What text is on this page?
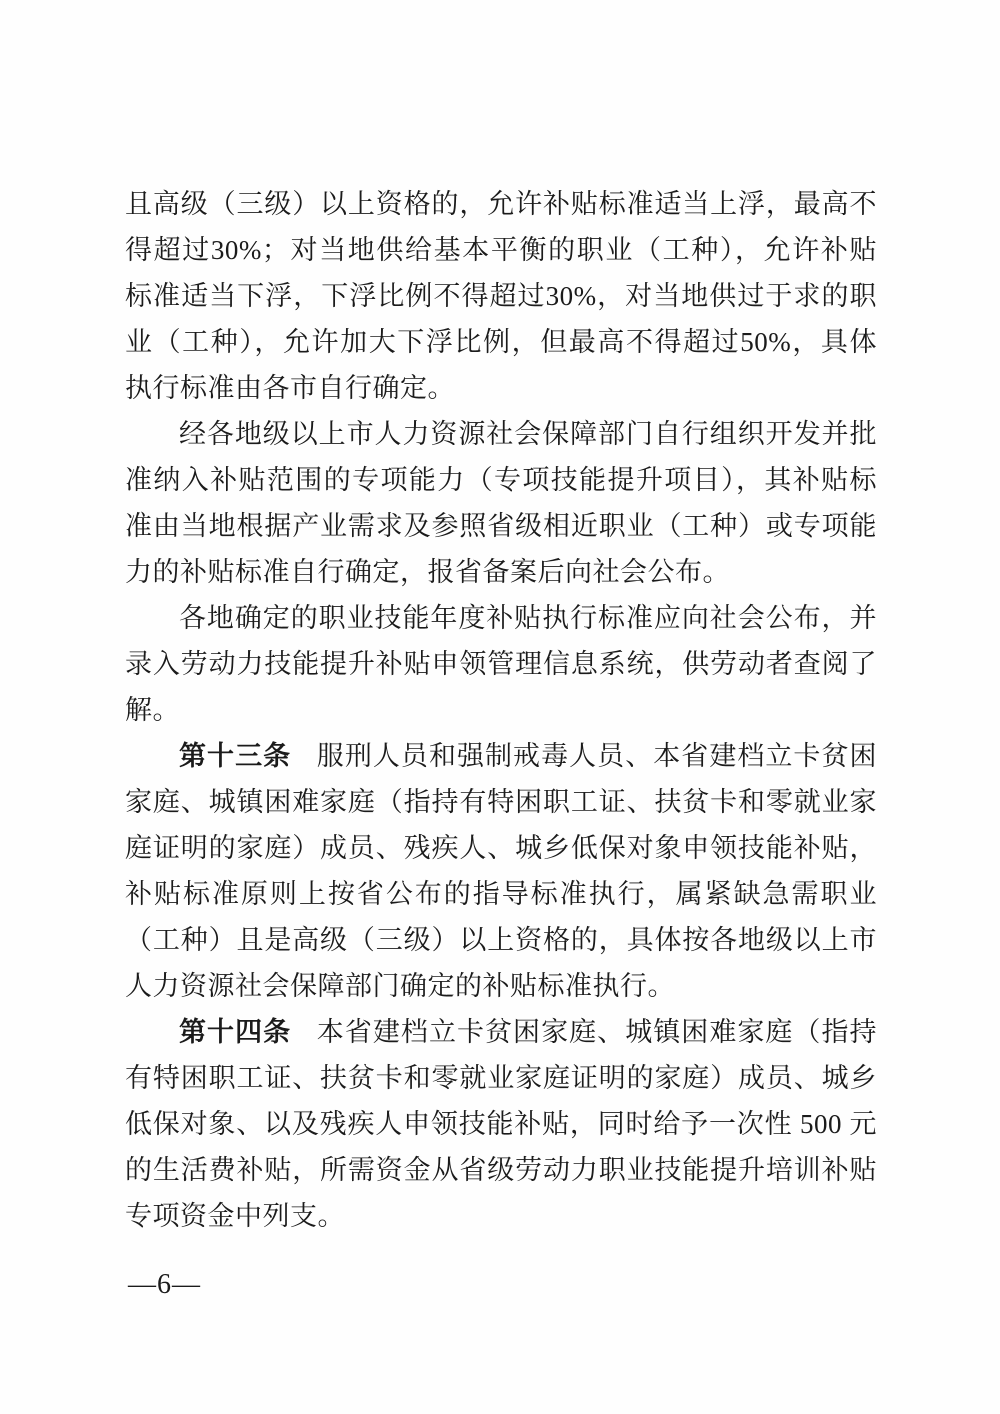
且高级（三级）以上资格的，允许补贴标准适当上浮，最高不得超过30%；对当地供给基本平衡的职业（工种），允许补贴标准适当下浮，下浮比例不得超过30%，对当地供过于求的职业（工种），允许加大下浮比例，但最高不得超过50%，具体执行标准由各市自行确定。

经各地级以上市人力资源社会保障部门自行组织开发并批准纳入补贴范围的专项能力（专项技能提升项目），其补贴标准由当地根据产业需求及参照省级相近职业（工种）或专项能力的补贴标准自行确定，报省备案后向社会公布。

各地确定的职业技能年度补贴执行标准应向社会公布，并录入劳动力技能提升补贴申领管理信息系统，供劳动者查阅了解。

第十三条 服刑人员和强制戒毒人员、本省建档立卡贫困家庭、城镇困难家庭（指持有特困职工证、扶贫卡和零就业家庭证明的家庭）成员、残疾人、城乡低保对象申领技能补贴，补贴标准原则上按省公布的指导标准执行，属紧缺急需职业（工种）且是高级（三级）以上资格的，具体按各地级以上市人力资源社会保障部门确定的补贴标准执行。

第十四条 本省建档立卡贫困家庭、城镇困难家庭（指持有特困职工证、扶贫卡和零就业家庭证明的家庭）成员、城乡低保对象、以及残疾人申领技能补贴，同时给予一次性 500 元的生活费补贴，所需资金从省级劳动力职业技能提升培训补贴专项资金中列支。

—6—
